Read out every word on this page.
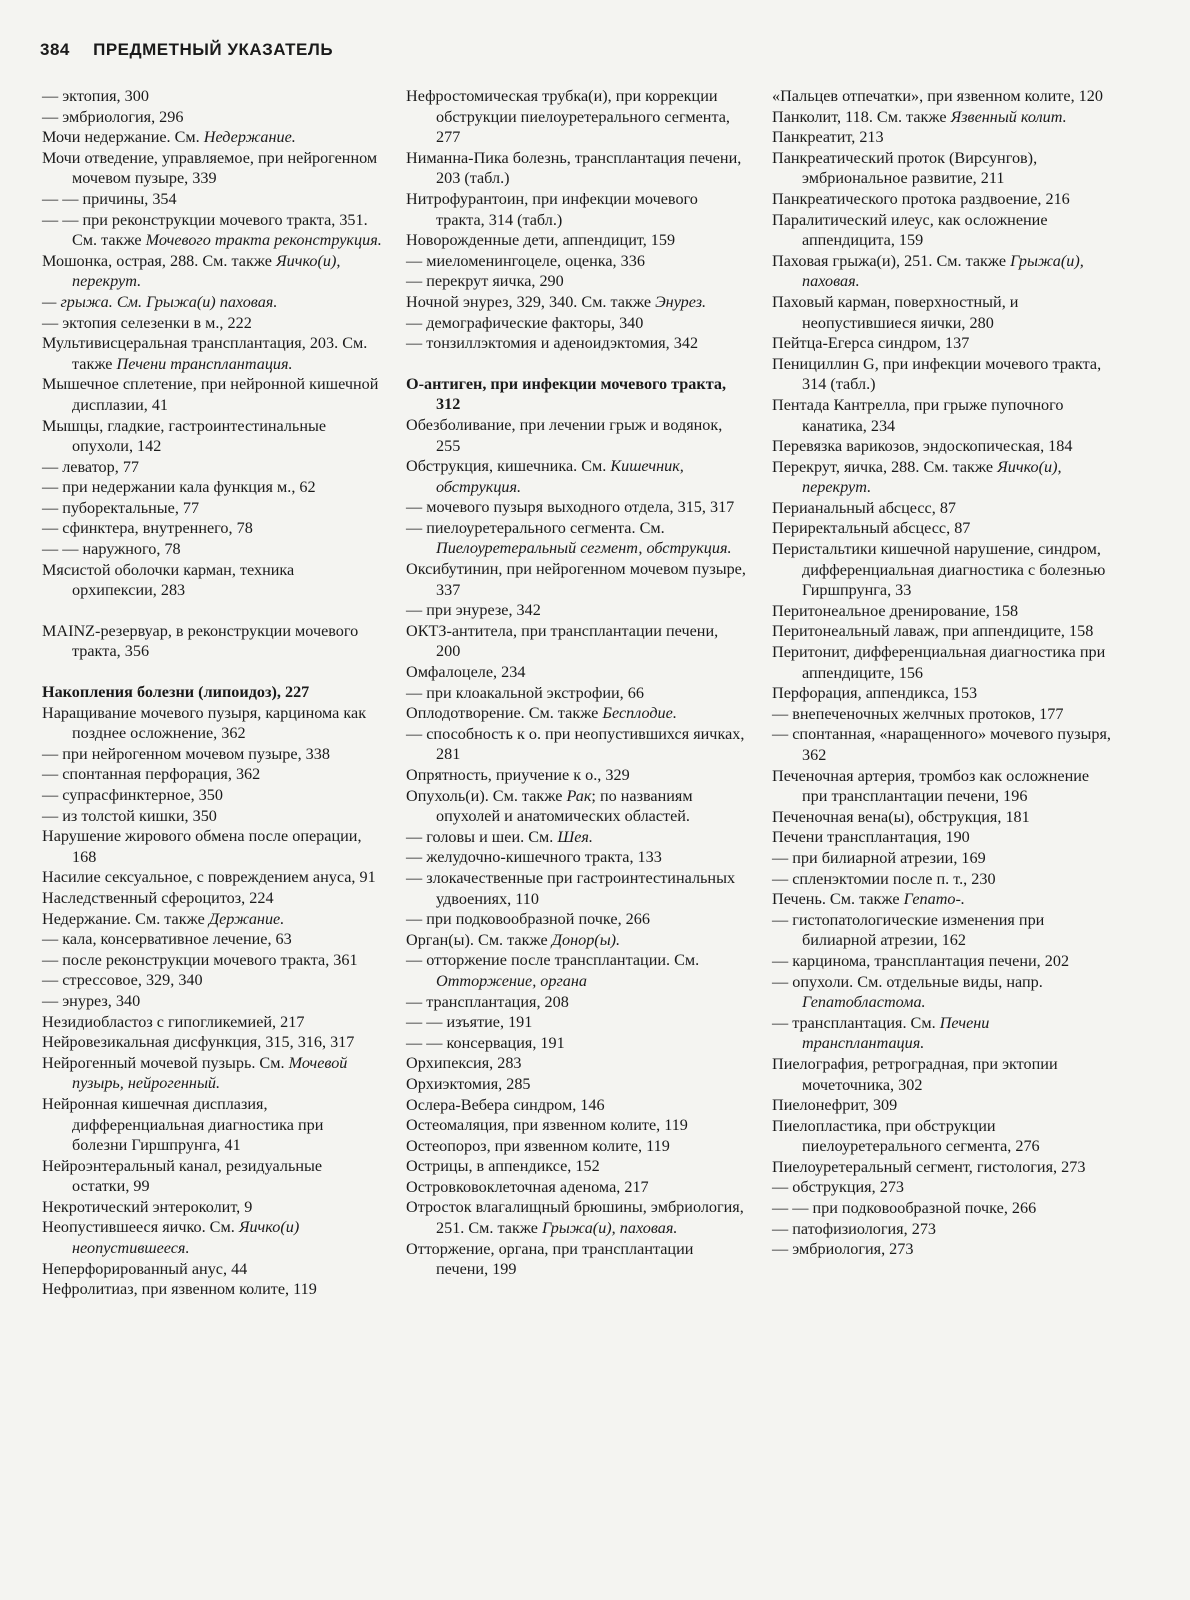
384 ПРЕДМЕТНЫЙ УКАЗАТЕЛЬ

— эктопия, 300

— эмбриология, 296

Мочи недержание. См. Недержание.

Мочи отведение, управляемое, при нейрогенном мочевом пузыре, 339

— — причины, 354

— — при реконструкции мочевого тракта, 351. См. также Мочевого тракта реконструкция.

Мошонка, острая, 288. См. также Яичко(и), перекрут.

— грыжа. См. Грыжа(и) паховая.

— эктопия селезенки в м., 222

Мультивисцеральная трансплантация, 203. См. также Печени трансплантация.

Мышечное сплетение, при нейронной кишечной дисплазии, 41

Мышцы, гладкие, гастроинтестинальные опухоли, 142

— леватор, 77

— при недержании кала функция м., 62

— пуборектальные, 77

— сфинктера, внутреннего, 78

— — наружного, 78

Мясистой оболочки карман, техника орхипексии, 283

MAINZ-резервуар, в реконструкции мочевого тракта, 356

Накопления болезни (липоидоз), 227

Наращивание мочевого пузыря, карцинома как позднее осложнение, 362

— при нейрогенном мочевом пузыре, 338

— спонтанная перфорация, 362

— супрасфинктерное, 350

— из толстой кишки, 350

Нарушение жирового обмена после операции, 168

Насилие сексуальное, с повреждением ануса, 91

Наследственный сфероцитоз, 224

Недержание. См. также Держание.

— кала, консервативное лечение, 63

— после реконструкции мочевого тракта, 361

— стрессовое, 329, 340

— энурез, 340

Незидиобластоз с гипогликемией, 217

Нейровезикальная дисфункция, 315, 316, 317

Нейрогенный мочевой пузырь. См. Мочевой пузырь, нейрогенный.

Нейронная кишечная дисплазия, дифференциальная диагностика при болезни Гиршпрунга, 41

Нейроэнтеральный канал, резидуальные остатки, 99

Некротический энтероколит, 9

Неопустившееся яичко. См. Яичко(и) неопустившееся.

Неперфорированный анус, 44

Нефролитиаз, при язвенном колите, 119

Нефростомическая трубка(и), при коррекции обструкции пиелоуретерального сегмента, 277

Ниманна-Пика болезнь, трансплантация печени, 203 (табл.)

Нитрофурантоин, при инфекции мочевого тракта, 314 (табл.)

Новорожденные дети, аппендицит, 159

— миеломенингоцеле, оценка, 336

— перекрут яичка, 290

Ночной энурез, 329, 340. См. также Энурез.

— демографические факторы, 340

— тонзиллэктомия и аденоидэктомия, 342

О-антиген, при инфекции мочевого тракта, 312

Обезболивание, при лечении грыж и водянок, 255

Обструкция, кишечника. См. Кишечник, обструкция.

— мочевого пузыря выходного отдела, 315, 317

— пиелоуретерального сегмента. См. Пиелоуретеральный сегмент, обструкция.

Оксибутинин, при нейрогенном мочевом пузыре, 337

— при энурезе, 342

ОКТЗ-антитела, при трансплантации печени, 200

Омфалоцеле, 234

— при клоакальной экстрофии, 66

Оплодотворение. См. также Бесплодие.

— способность к о. при неопустившихся яичках, 281

Опрятность, приучение к о., 329

Опухоль(и). См. также Рак; по названиям опухолей и анатомических областей.

— головы и шеи. См. Шея.

— желудочно-кишечного тракта, 133

— злокачественные при гастроинтестинальных удвоениях, 110

— при подковообразной почке, 266

Орган(ы). См. также Донор(ы).

— отторжение после трансплантации. См. Отторжение, органа

— трансплантация, 208

— — изъятие, 191

— — консервация, 191

Орхипексия, 283

Орхиэктомия, 285

Ослера-Вебера синдром, 146

Остеомаляция, при язвенном колите, 119

Остеопороз, при язвенном колите, 119

Острицы, в аппендиксе, 152

Островковоклеточная аденома, 217

Отросток влагалищный брюшины, эмбриология, 251. См. также Грыжа(и), паховая.

Отторжение, органа, при трансплантации печени, 199

«Пальцев отпечатки», при язвенном колите, 120

Панколит, 118. См. также Язвенный колит.

Панкреатит, 213

Панкреатический проток (Вирсунгов), эмбриональное развитие, 211

Панкреатического протока раздвоение, 216

Паралитический илеус, как осложнение аппендицита, 159

Паховая грыжа(и), 251. См. также Грыжа(и), паховая.

Паховый карман, поверхностный, и неопустившиеся яички, 280

Пейтца-Егерса синдром, 137

Пенициллин G, при инфекции мочевого тракта, 314 (табл.)

Пентада Кантрелла, при грыже пупочного канатика, 234

Перевязка варикозов, эндоскопическая, 184

Перекрут, яичка, 288. См. также Яичко(и), перекрут.

Перианальный абсцесс, 87

Периректальный абсцесс, 87

Перистальтики кишечной нарушение, синдром, дифференциальная диагностика с болезнью Гиршпрунга, 33

Перитонеальное дренирование, 158

Перитонеальный лаваж, при аппендиците, 158

Перитонит, дифференциальная диагностика при аппендиците, 156

Перфорация, аппендикса, 153

— внепеченочных желчных протоков, 177

— спонтанная, «наращенного» мочевого пузыря, 362

Печеночная артерия, тромбоз как осложнение при трансплантации печени, 196

Печеночная вена(ы), обструкция, 181

Печени трансплантация, 190

— при билиарной атрезии, 169

— спленэктомии после п. т., 230

Печень. См. также Гепато-.

— гистопатологические изменения при билиарной атрезии, 162

— карцинома, трансплантация печени, 202

— опухоли. См. отдельные виды, напр. Гепатобластома.

— трансплантация. См. Печени трансплантация.

Пиелография, ретроградная, при эктопии мочеточника, 302

Пиелонефрит, 309

Пиелопластика, при обструкции пиелоуретерального сегмента, 276

Пиелоуретеральный сегмент, гистология, 273

— обструкция, 273

— — при подковообразной почке, 266

— патофизиология, 273

— эмбриология, 273
